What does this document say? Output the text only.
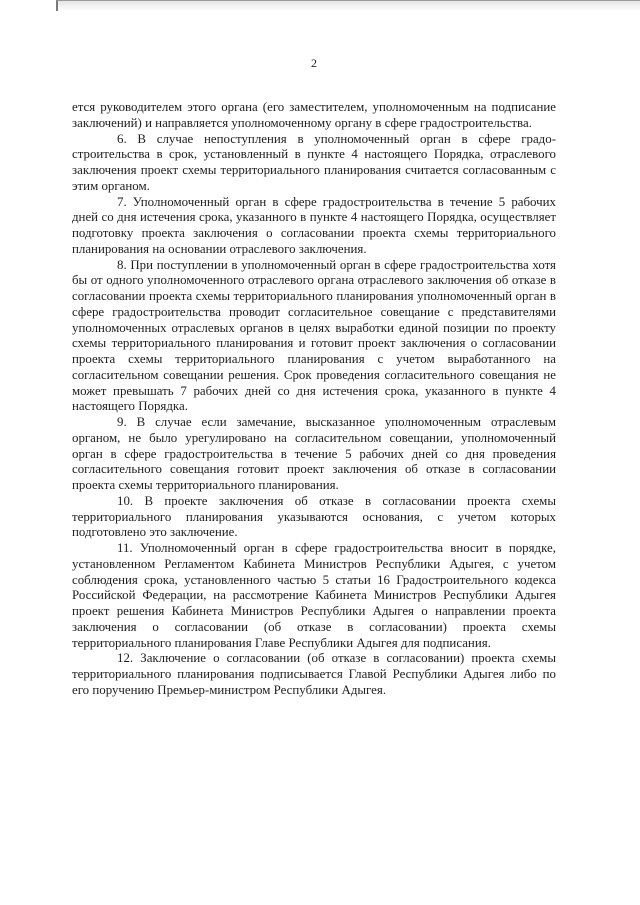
2

ется руководителем этого органа (его заместителем, уполномоченным на подписание заключений) и направляется уполномоченному органу в сфере градостроительства.

6. В случае непоступления в уполномоченный орган в сфере градостроительства в срок, установленный в пункте 4 настоящего Порядка, отраслевого заключения проект схемы территориального планирования считается согласованным с этим органом.

7. Уполномоченный орган в сфере градостроительства в течение 5 рабочих дней со дня истечения срока, указанного в пункте 4 настоящего Порядка, осуществляет подготовку проекта заключения о согласовании проекта схемы территориального планирования на основании отраслевого заключения.

8. При поступлении в уполномоченный орган в сфере градостроительства хотя бы от одного уполномоченного отраслевого органа отраслевого заключения об отказе в согласовании проекта схемы территориального планирования уполномоченный орган в сфере градостроительства проводит согласительное совещание с представителями уполномоченных отраслевых органов в целях выработки единой позиции по проекту схемы территориального планирования и готовит проект заключения о согласовании проекта схемы территориального планирования с учетом выработанного на согласительном совещании решения. Срок проведения согласительного совещания не может превышать 7 рабочих дней со дня истечения срока, указанного в пункте 4 настоящего Порядка.

9. В случае если замечание, высказанное уполномоченным отраслевым органом, не было урегулировано на согласительном совещании, уполномоченный орган в сфере градостроительства в течение 5 рабочих дней со дня проведения согласительного совещания готовит проект заключения об отказе в согласовании проекта схемы территориального планирования.

10. В проекте заключения об отказе в согласовании проекта схемы территориального планирования указываются основания, с учетом которых подготовлено это заключение.

11. Уполномоченный орган в сфере градостроительства вносит в порядке, установленном Регламентом Кабинета Министров Республики Адыгея, с учетом соблюдения срока, установленного частью 5 статьи 16 Градостроительного кодекса Российской Федерации, на рассмотрение Кабинета Министров Республики Адыгея проект решения Кабинета Министров Республики Адыгея о направлении проекта заключения о согласовании (об отказе в согласовании) проекта схемы территориального планирования Главе Республики Адыгея для подписания.

12. Заключение о согласовании (об отказе в согласовании) проекта схемы территориального планирования подписывается Главой Республики Адыгея либо по его поручению Премьер-министром Республики Адыгея.
